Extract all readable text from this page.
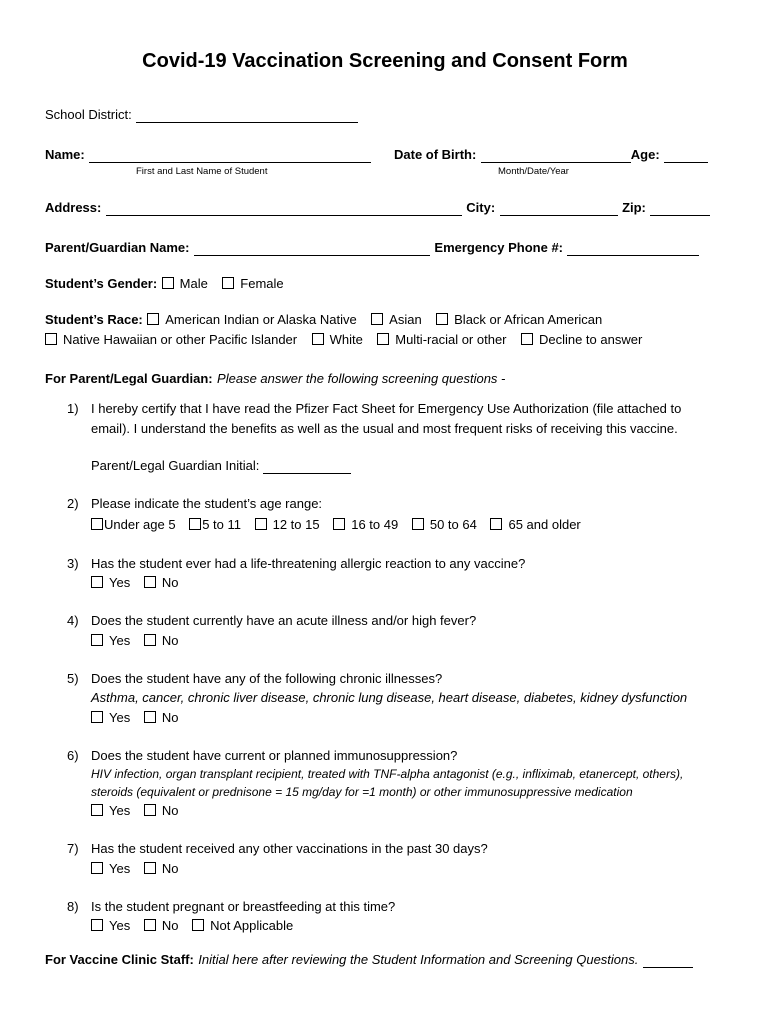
Covid-19 Vaccination Screening and Consent Form
School District:
Name:
First and Last Name of Student
Date of Birth:	Age:
Month/Date/Year
Address:	City:	Zip:
Parent/Guardian Name:	Emergency Phone #:
Student’s Gender: Male Female
Student’s Race: American Indian or Alaska Native Asian Black or African American
Native Hawaiian or other Pacific Islander White Multi-racial or other Decline to answer
For Parent/Legal Guardian: Please answer the following screening questions -
1) I hereby certify that I have read the Pfizer Fact Sheet for Emergency Use Authorization (file attached to
email). I understand the benefits as well as the usual and most frequent risks of receiving this vaccine.
Parent/Legal Guardian Initial:
2) Please indicate the student’s age range:
Under age 5 5 to 11 12 to 15 16 to 49 50 to 64 65 and older
3) Has the student ever had a life-threatening allergic reaction to any vaccine?
Yes No
4) Does the student currently have an acute illness and/or high fever?
Yes No
5) Does the student have any of the following chronic illnesses?
Asthma, cancer, chronic liver disease, chronic lung disease, heart disease, diabetes, kidney dysfunction
Yes No
6) Does the student have current or planned immunosuppression?
HIV infection, organ transplant recipient, treated with TNF-alpha antagonist (e.g., infliximab, etanercept, others),
steroids (equivalent or prednisone = 15 mg/day for =1 month) or other immunosuppressive medication
Yes No
7) Has the student received any other vaccinations in the past 30 days?
Yes No
8) Is the student pregnant or breastfeeding at this time?
Yes No Not Applicable
For Vaccine Clinic Staff: Initial here after reviewing the Student Information and Screening Questions.
